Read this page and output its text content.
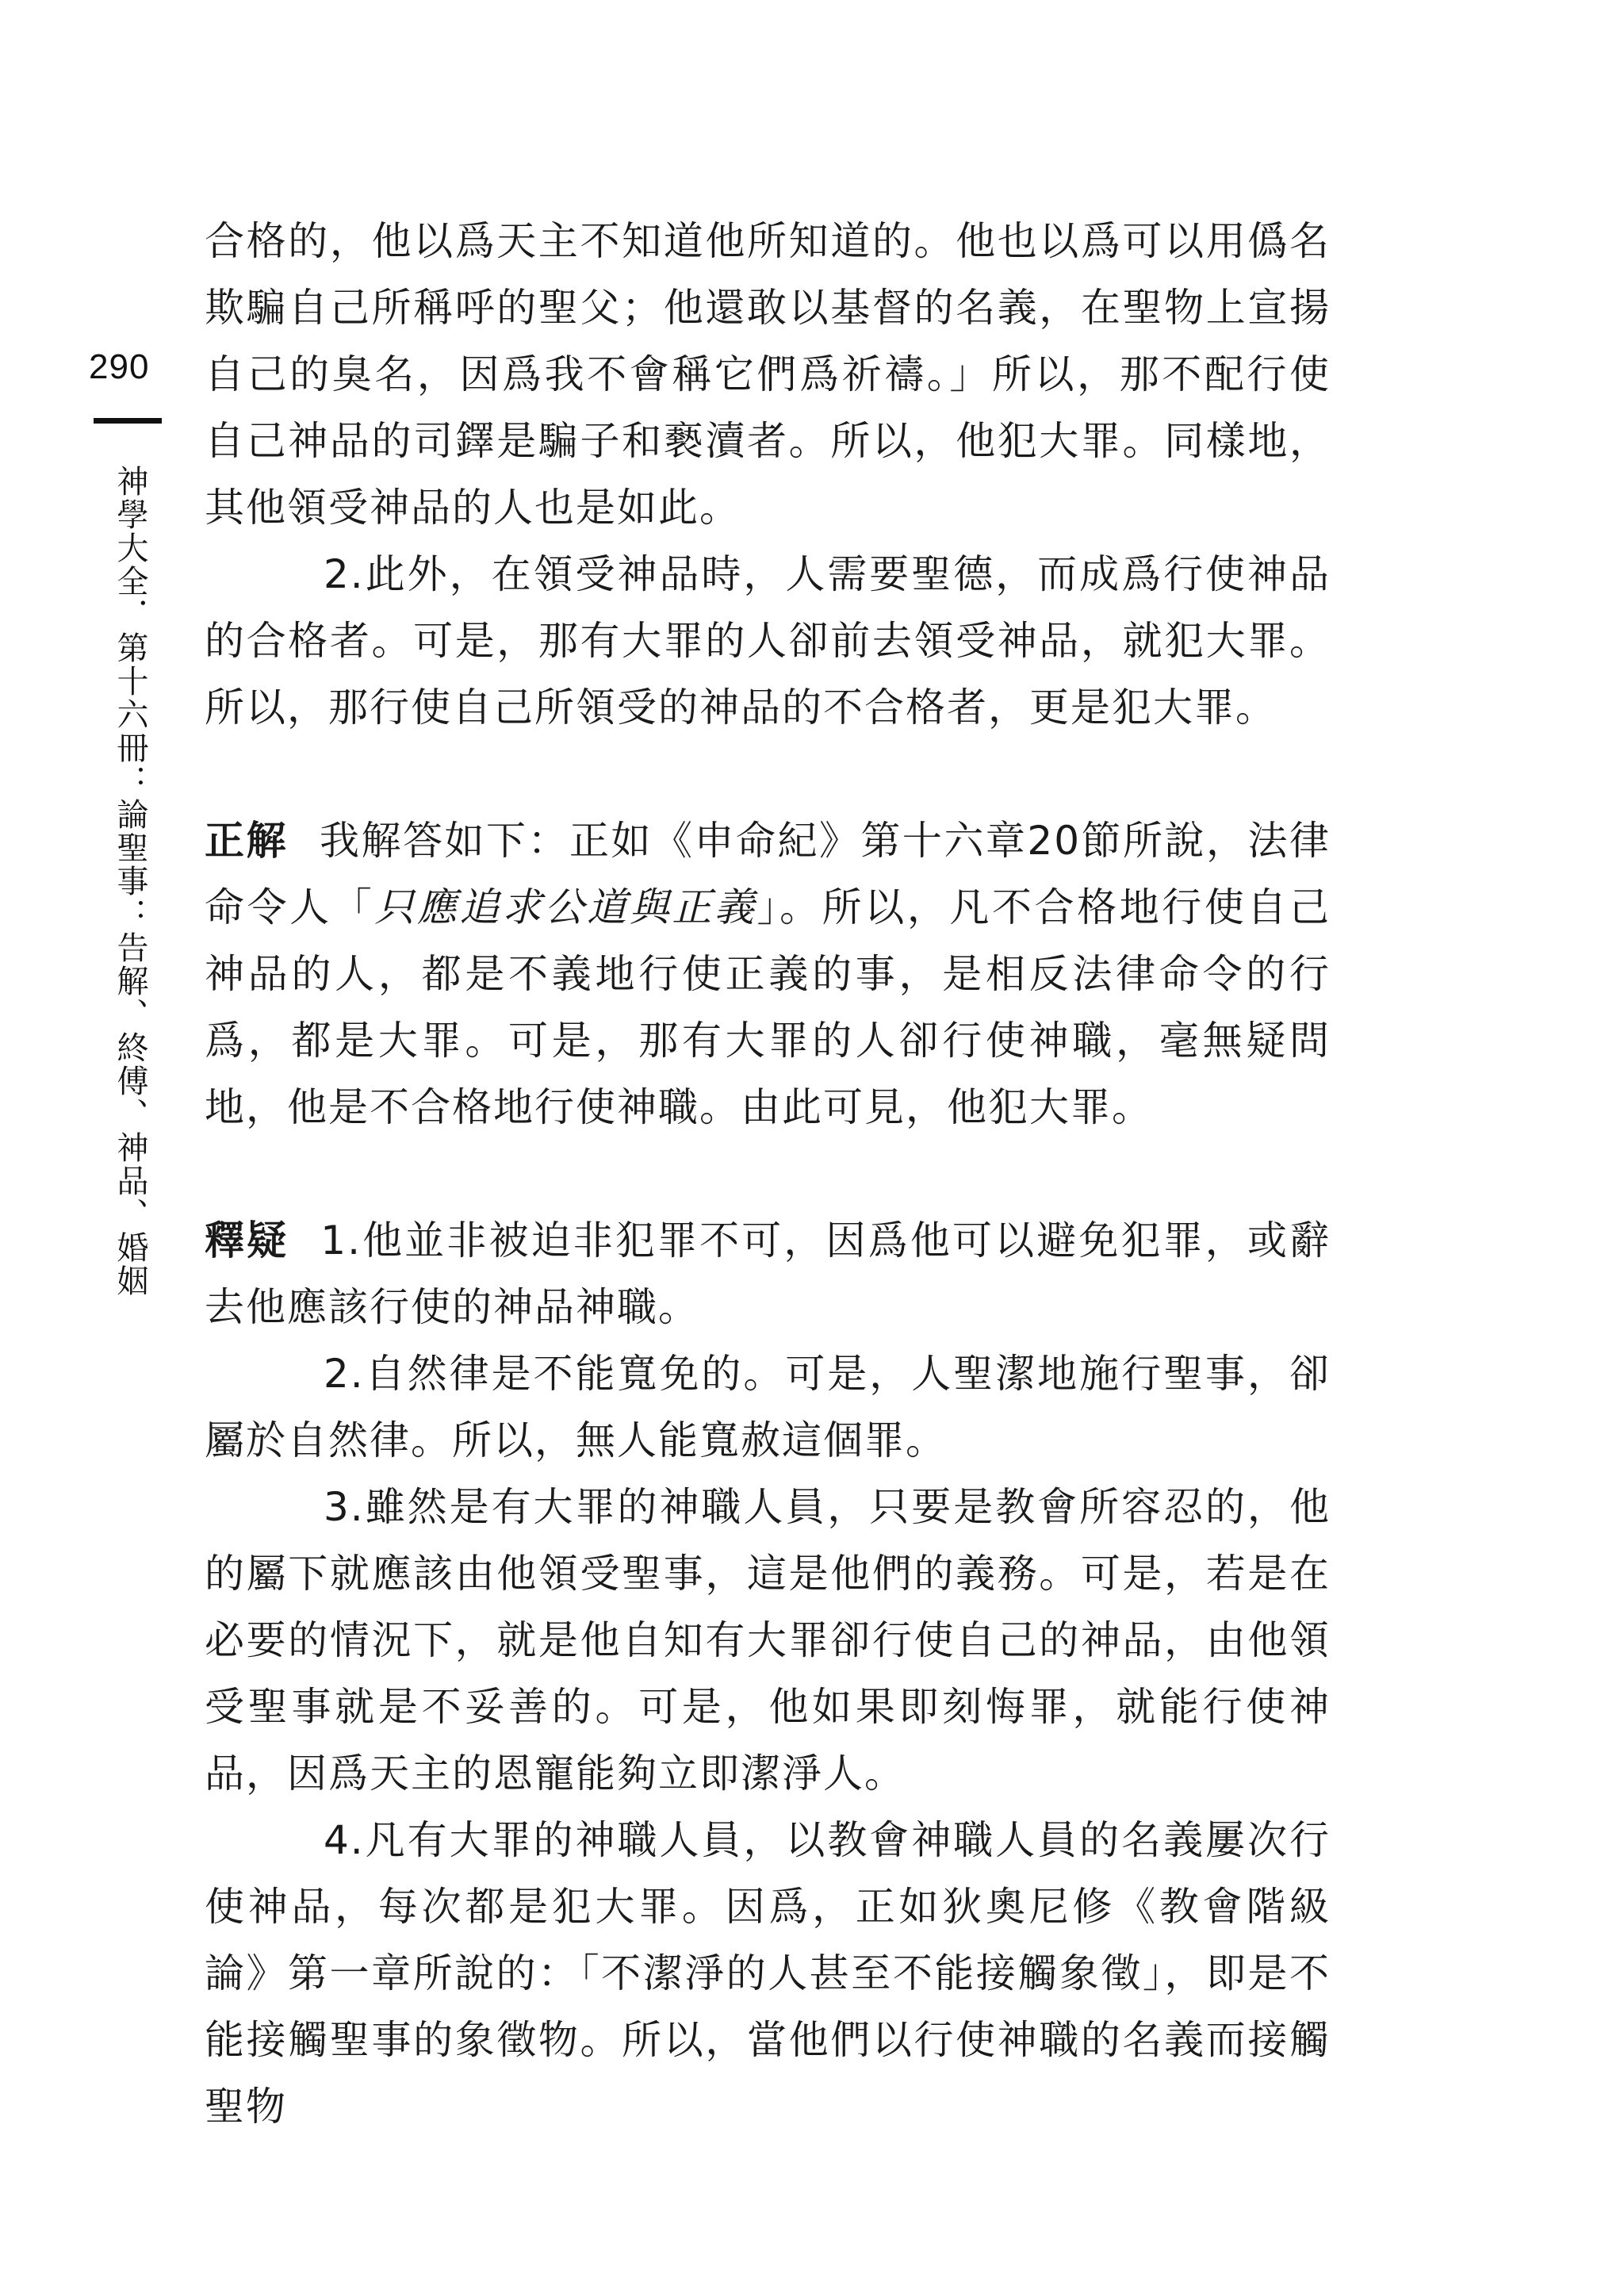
290
神學大全．第十六冊：論聖事：告解、終傅、神品、婚姻

合格的，他以爲天主不知道他所知道的。他也以爲可以用僞名欺騙自己所稱呼的聖父；他還敢以基督的名義，在聖物上宣揚自己的臭名，因爲我不會稱它們爲祈禱。」所以，那不配行使自己神品的司鐸是騙子和褻瀆者。所以，他犯大罪。同樣地，其他領受神品的人也是如此。

2.此外，在領受神品時，人需要聖德，而成爲行使神品的合格者。可是，那有大罪的人卻前去領受神品，就犯大罪。所以，那行使自己所領受的神品的不合格者，更是犯大罪。

正解 我解答如下：正如《申命紀》第十六章20節所說，法律命令人「只應追求公道與正義」。所以，凡不合格地行使自己神品的人，都是不義地行使正義的事，是相反法律命令的行爲，都是大罪。可是，那有大罪的人卻行使神職，毫無疑問地，他是不合格地行使神職。由此可見，他犯大罪。

釋疑 1.他並非被迫非犯罪不可，因爲他可以避免犯罪，或辭去他應該行使的神品神職。

2.自然律是不能寬免的。可是，人聖潔地施行聖事，卻屬於自然律。所以，無人能寬赦這個罪。

3.雖然是有大罪的神職人員，只要是教會所容忍的，他的屬下就應該由他領受聖事，這是他們的義務。可是，若是在必要的情況下，就是他自知有大罪卻行使自己的神品，由他領受聖事就是不妥善的。可是，他如果即刻悔罪，就能行使神品，因爲天主的恩寵能夠立即潔淨人。

4.凡有大罪的神職人員，以教會神職人員的名義屢次行使神品，每次都是犯大罪。因爲，正如狄奧尼修《教會階級論》第一章所說的：「不潔淨的人甚至不能接觸象徵」，即是不能接觸聖事的象徵物。所以，當他們以行使神職的名義而接觸聖物
